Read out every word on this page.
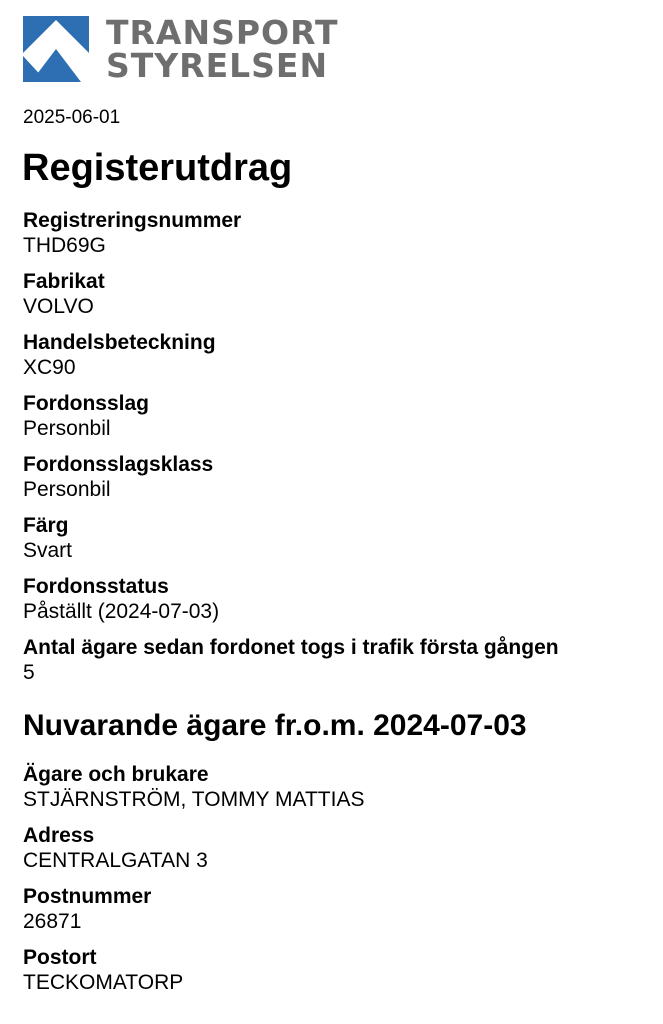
TRANSPORT
STYRELSEN
2025-06-01
Registerutdrag
Registreringsnummer
THD69G
Fabrikat
VOLVO
Handelsbeteckning
XC90
Fordonsslag
Personbil
Fordonsslagsklass
Personbil
Färg
Svart
Fordonsstatus
Påställt (2024-07-03)
Antal ägare sedan fordonet togs i trafik första gången
5
Nuvarande ägare fr.o.m. 2024-07-03
Ägare och brukare
STJÄRNSTRÖM, TOMMY MATTIAS
Adress
CENTRALGATAN 3
Postnummer
26871
Postort
TECKOMATORP
